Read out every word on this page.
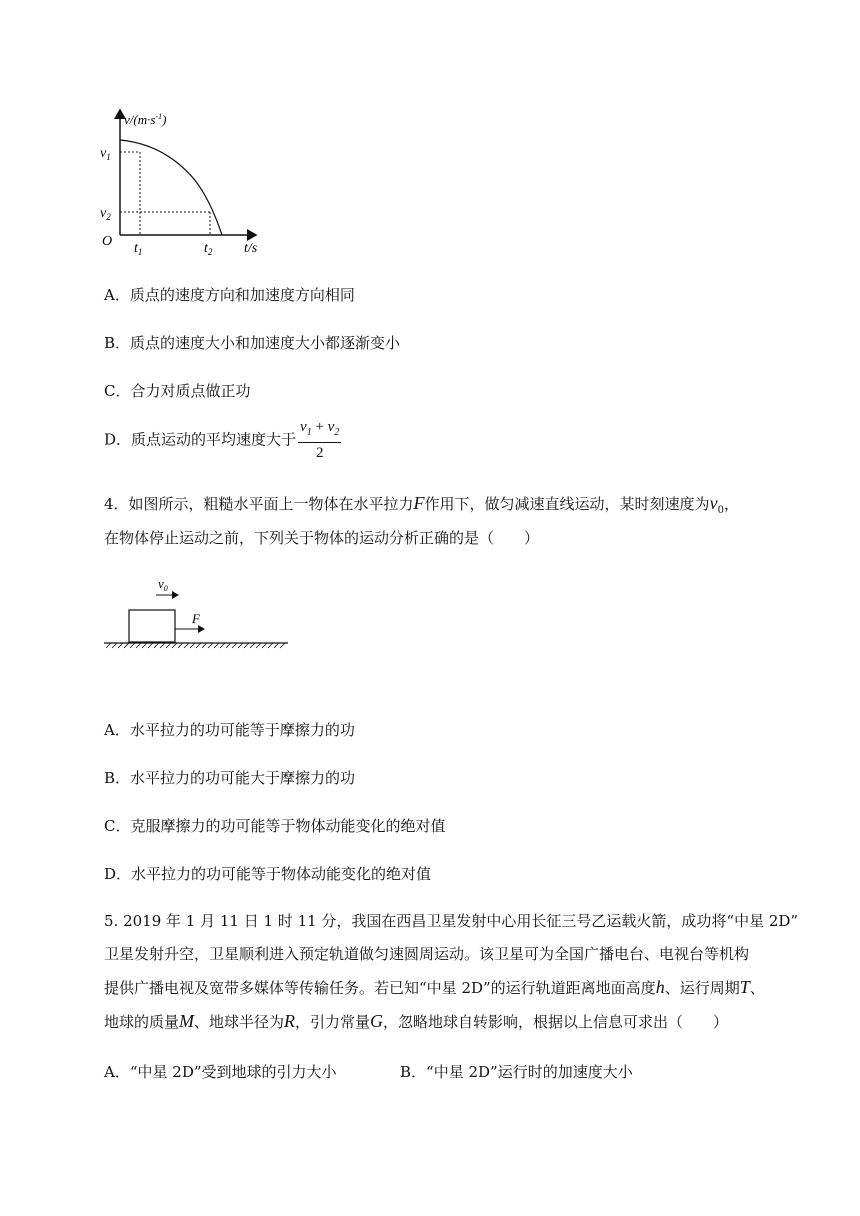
$v/(m\cdot s^{-1})$
$v_1$
$v_2$
O $t_1$	$t_2$ t/s
A．质点的速度方向和加速度方向相同
B．质点的速度大小和加速度大小都逐渐变小
C．合力对质点做正功
D．质点运动的平均速度大于 $\frac{v_1 + v_2}{2}$
4．如图所示，粗糙水平面上一物体在水平拉力F作用下，做匀减速直线运动，某时刻速度为$v_0$，
在物体停止运动之前，下列关于物体的运动分析正确的是（　　）
$v_0$
F
A．水平拉力的功可能等于摩擦力的功
B．水平拉力的功可能大于摩擦力的功
C．克服摩擦力的功可能等于物体动能变化的绝对值
D．水平拉力的功可能等于物体动能变化的绝对值
5. 2019 年 1 月 11 日 1 时 11 分，我国在西昌卫星发射中心用长征三号乙运载火箭，成功将“中星 2D”
卫星发射升空，卫星顺利进入预定轨道做匀速圆周运动。该卫星可为全国广播电台、电视台等机构
提供广播电视及宽带多媒体等传输任务。若已知“中星 2D”的运行轨道距离地面高度h、运行周期T、
地球的质量M、地球半径为R，引力常量G，忽略地球自转影响，根据以上信息可求出（　　）
A．“中星 2D”受到地球的引力大小	B．“中星 2D”运行时的加速度大小
